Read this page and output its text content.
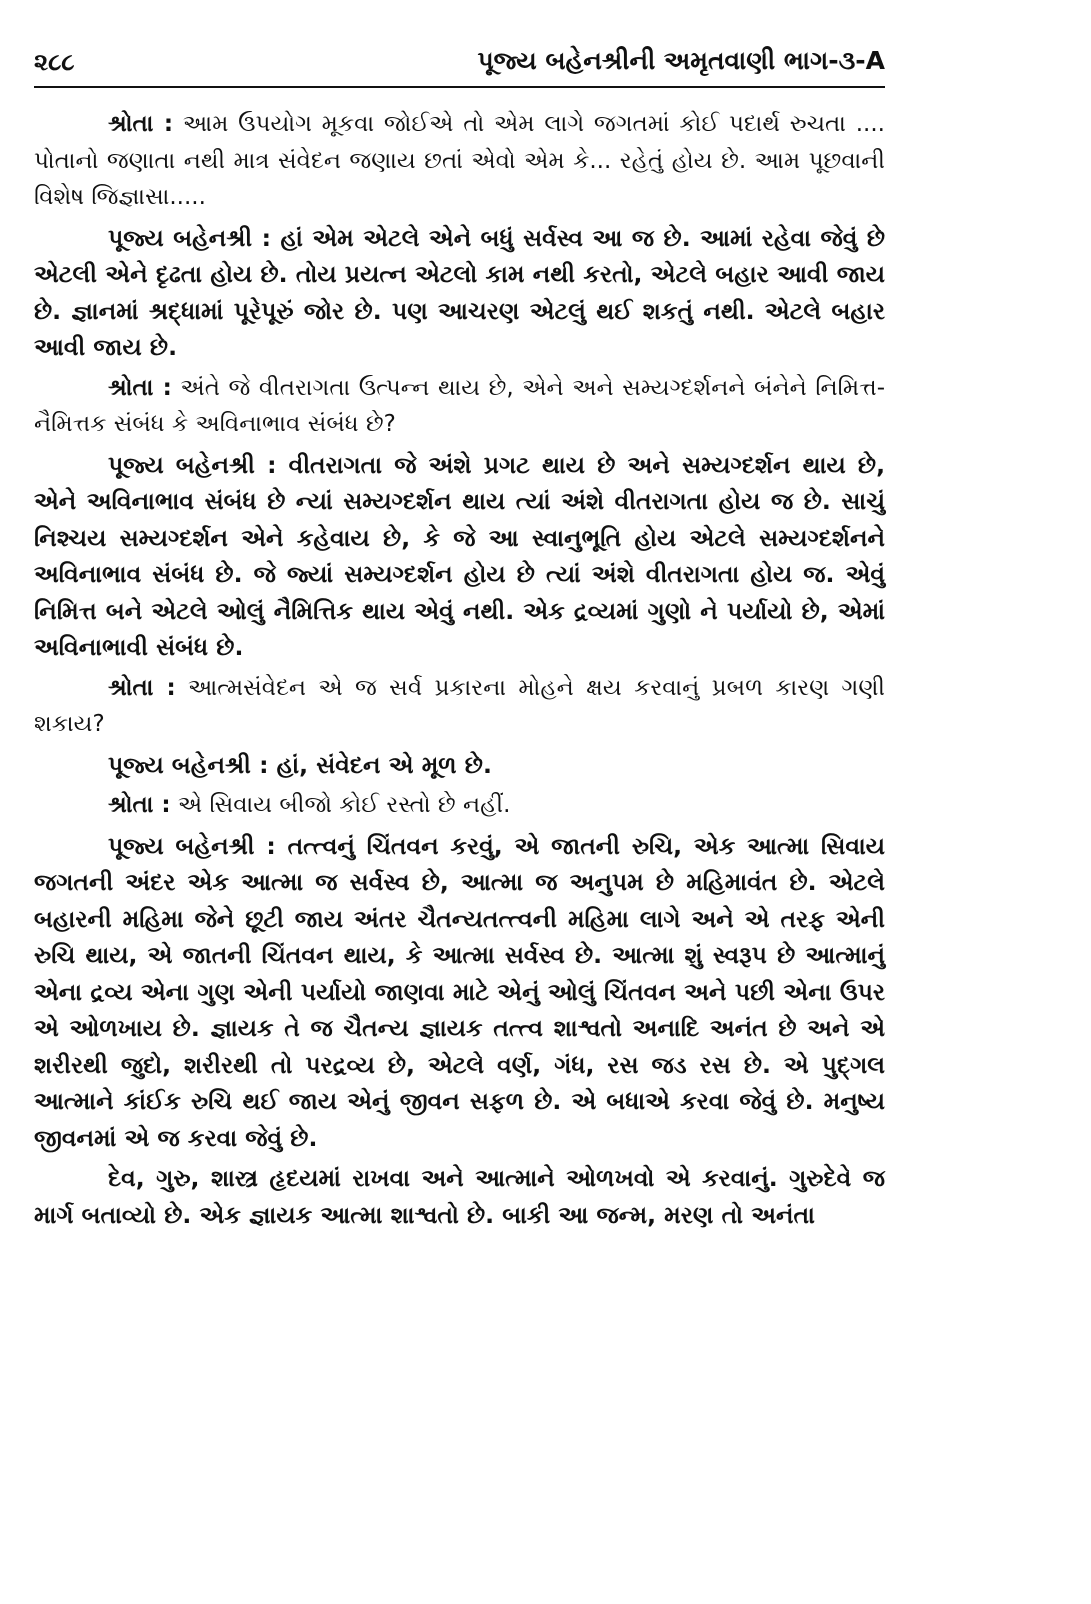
૨૮૮	પૂજ્ય બહેનશ્રીની અમૃતવાણી ભાગ-૩-A

શ્રોતા : આમ ઉપયોગ મૂકવા જોઈએ તો એમ લાગે જગતમાં કોઈ પદાર્થ રુચતા .... પોતાનો જણાતા નથી માત્ર સંવેદન જણાય છતાં એવો એમ કે... રહેતું હોય છે. આમ પૂછવાની વિશેષ જિજ્ઞાસા.....

પૂજ્ય બહેનશ્રી : હાં એમ એટલે એને બધું સર્વસ્વ આ જ છે. આમાં રહેવા જેવું છે એટલી એને દૃઢતા હોય છે. તોય પ્રયત્ન એટલો કામ નથી કરતો, એટલે બહાર આવી જાય છે. જ્ઞાનમાં શ્રદ્ધામાં પૂરેપૂરું જોર છે. પણ આચરણ એટલું થઈ શકતું નથી. એટલે બહાર આવી જાય છે.

શ્રોતા : અંતે જે વીતરાગતા ઉત્પન્ન થાય છે, એને અને સમ્યગ્દર્શનને બંનેને નિમિત્ત-નૈમિત્તક સંબંધ કે અવિનાભાવ સંબંધ છે?

પૂજ્ય બહેનશ્રી : વીતરાગતા જે અંશે પ્રગટ થાય છે અને સમ્યગ્દર્શન થાય છે, એને અવિનાભાવ સંબંધ છે ન્યાં સમ્યગ્દર્શન થાય ત્યાં અંશે વીતરાગતા હોય જ છે. સાચું નિશ્ચય સમ્યગ્દર્શન એને કહેવાય છે, કે જે આ સ્વાનુભૂતિ હોય એટલે સમ્યગ્દર્શનને અવિનાભાવ સંબંધ છે. જે જ્યાં સમ્યગ્દર્શન હોય છે ત્યાં અંશે વીતરાગતા હોય જ. એવું નિમિત્ત બને એટલે ઓલું નૈમિત્તિક થાય એવું નથી. એક દ્રવ્યમાં ગુણો ને પર્યાયો છે, એમાં અવિનાભાવી સંબંધ છે.

શ્રોતા : આત્મસંવેદન એ જ સર્વ પ્રકારના મોહને ક્ષય કરવાનું પ્રબળ કારણ ગણી શકાય?

પૂજ્ય બહેનશ્રી : હાં, સંવેદન એ મૂળ છે.

શ્રોતા : એ સિવાય બીજો કોઈ રસ્તો છે નહીં.

પૂજ્ય બહેનશ્રી : તત્ત્વનું ચિંતવન કરવું, એ જાતની રુચિ, એક આત્મા સિવાય જગતની અંદર એક આત્મા જ સર્વસ્વ છે, આત્મા જ અનુપમ છે મહિમાવંત છે. એટલે બહારની મહિમા જેને છૂટી જાય અંતર ચૈતન્યતત્ત્વની મહિમા લાગે અને એ તરફ એની રુચિ થાય, એ જાતની ચિંતવન થાય, કે આત્મા સર્વસ્વ છે. આત્મા શું સ્વરૂપ છે આત્માનું એના દ્રવ્ય એના ગુણ એની પર્યાયો જાણવા માટે એનું ઓલું ચિંતવન અને પછી એના ઉપર એ ઓળખાય છે. જ્ઞાયક તે જ ચૈતન્ય જ્ઞાયક તત્ત્વ શાશ્વતો અનાદિ અનંત છે અને એ શરીરથી જુદો, શરીરથી તો પરદ્રવ્ય છે, એટલે વર્ણ, ગંધ, રસ જડ રસ છે. એ પુદ્ગલ આત્માને કાંઈક રુચિ થઈ જાય એનું જીવન સફળ છે. એ બધાએ કરવા જેવું છે. મનુષ્ય જીવનમાં એ જ કરવા જેવું છે.

દેવ, ગુરુ, શાસ્ત્ર હૃદયમાં રાખવા અને આત્માને ઓળખવો એ કરવાનું. ગુરુદેવે જ માર્ગ બતાવ્યો છે. એક જ્ઞાયક આત્મા શાશ્વતો છે. બાકી આ જન્મ, મરણ તો અનંતા
